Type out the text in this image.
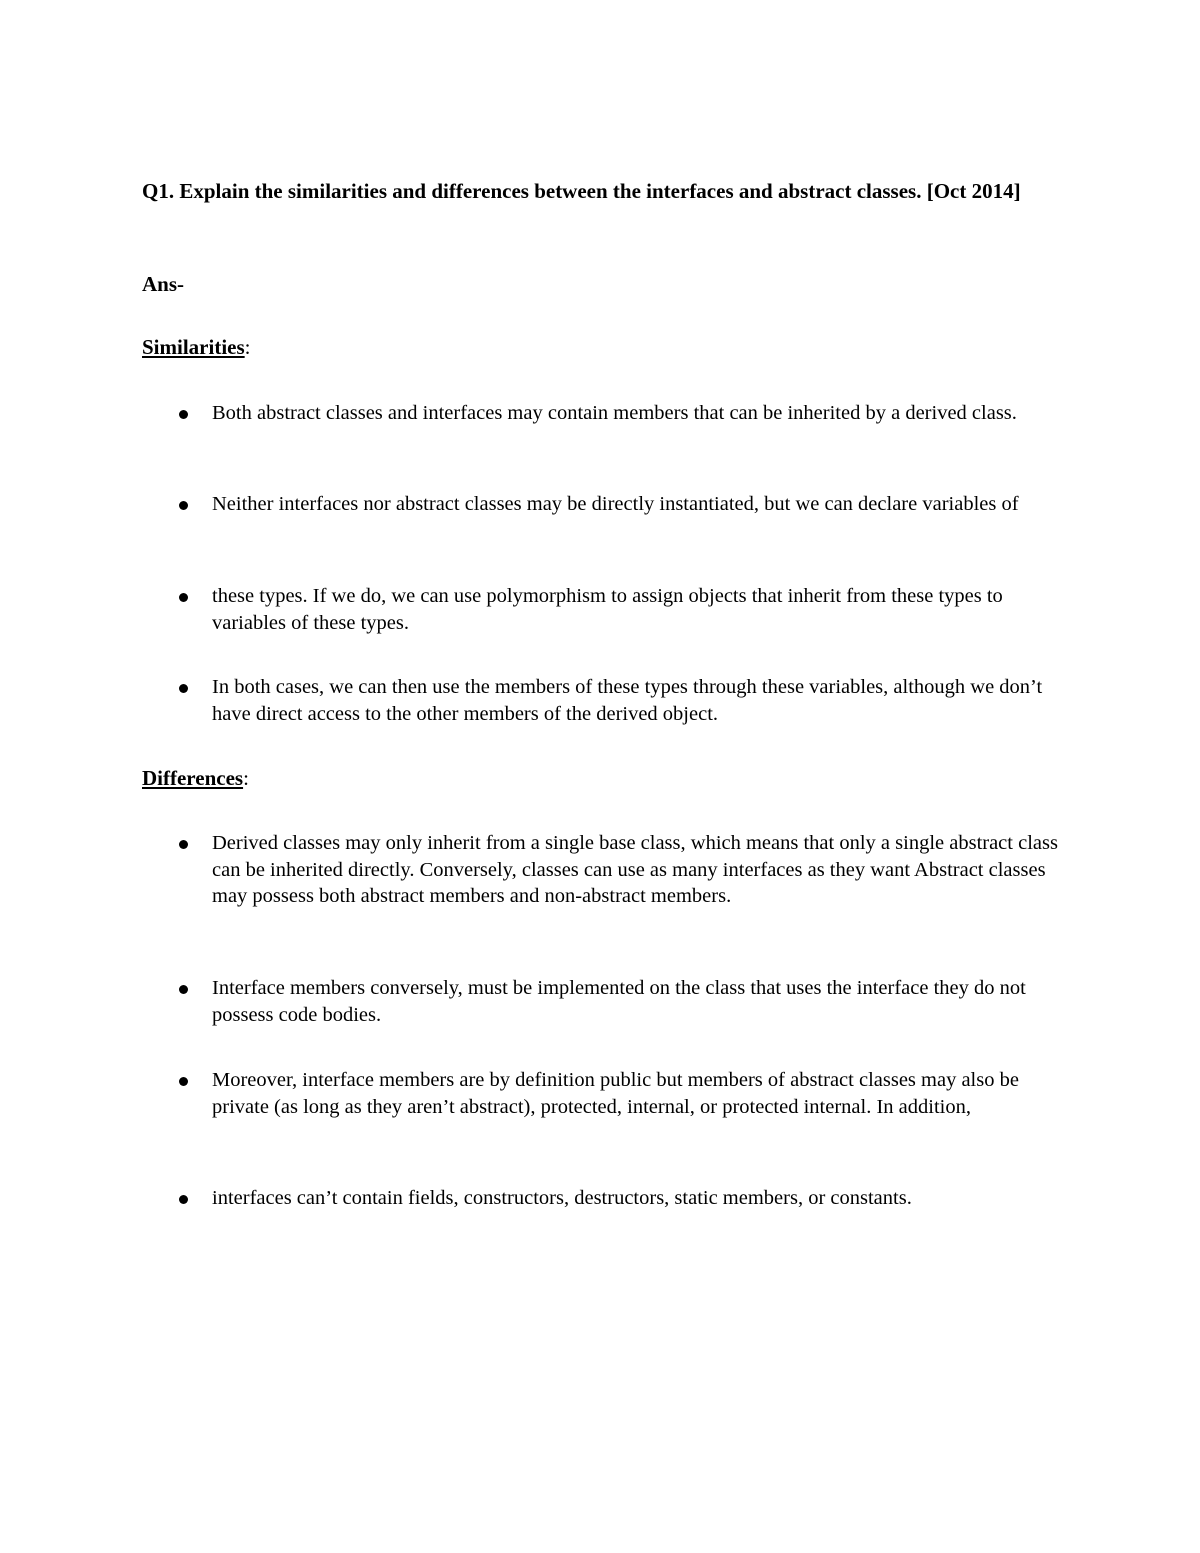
Q1. Explain the similarities and differences between the interfaces and abstract classes. [Oct 2014]

Ans-

Similarities:

Both abstract classes and interfaces may contain members that can be inherited by a derived class.

Neither interfaces nor abstract classes may be directly instantiated, but we can declare variables of

these types. If we do, we can use polymorphism to assign objects that inherit from these types to variables of these types.

In both cases, we can then use the members of these types through these variables, although we don’t have direct access to the other members of the derived object.

Differences:

Derived classes may only inherit from a single base class, which means that only a single abstract class can be inherited directly. Conversely, classes can use as many interfaces as they want Abstract classes may possess both abstract members and non-abstract members.

Interface members conversely, must be implemented on the class that uses the interface they do not possess code bodies.

Moreover, interface members are by definition public but members of abstract classes may also be private (as long as they aren’t abstract), protected, internal, or protected internal. In addition,

interfaces can’t contain fields, constructors, destructors, static members, or constants.
